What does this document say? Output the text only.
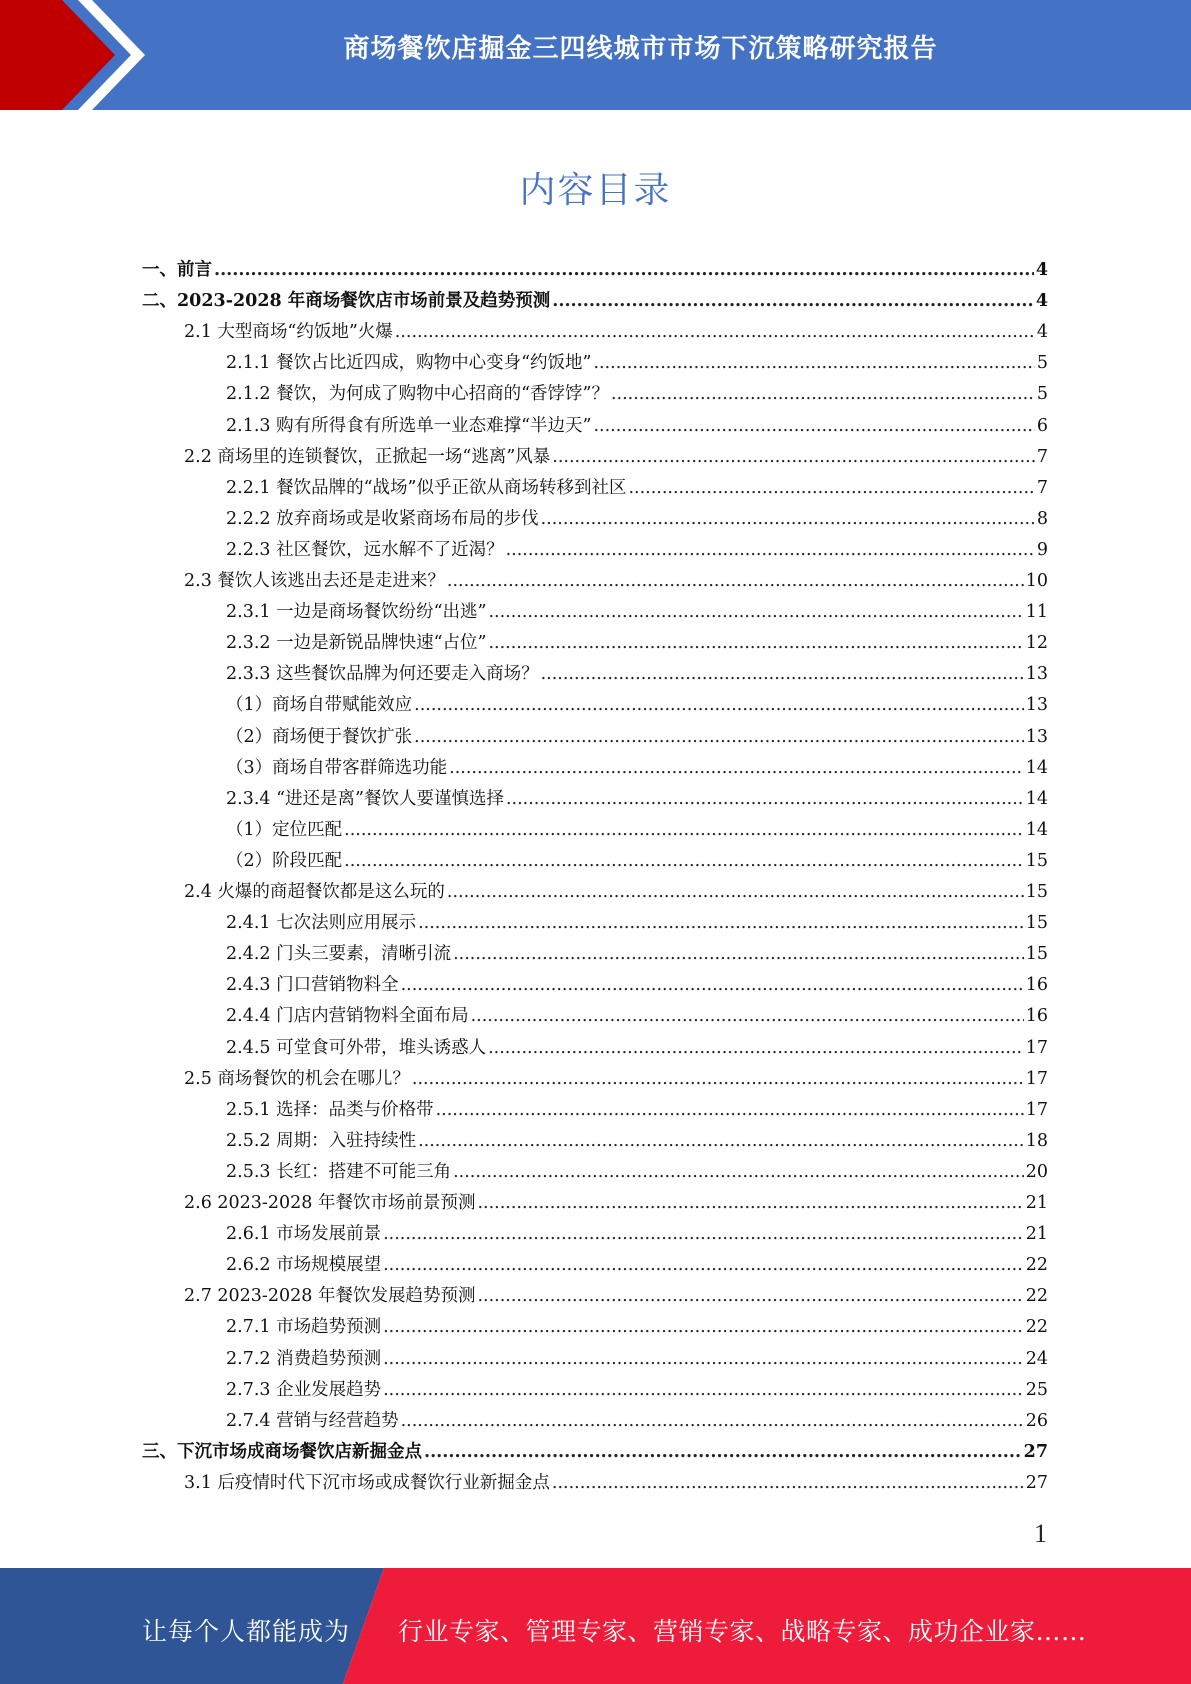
商场餐饮店掘金三四线城市市场下沉策略研究报告
内容目录
一、前言 .....	4
二、2023-2028 年商场餐饮店市场前景及趋势预测 .....	4
2.1 大型商场“约饭地”火爆 .....	4
2.1.1 餐饮占比近四成，购物中心变身“约饭地” .....	5
2.1.2 餐饮，为何成了购物中心招商的“香饽饽”？ .....	5
2.1.3 购有所得食有所选单一业态难撑“半边天” .....	6
2.2 商场里的连锁餐饮，正掀起一场“逃离”风暴 .....	7
2.2.1 餐饮品牌的“战场”似乎正欲从商场转移到社区 .....	7
2.2.2 放弃商场或是收紧商场布局的步伐 .....	8
2.2.3 社区餐饮，远水解不了近渴？ .....	9
2.3 餐饮人该逃出去还是走进来？ .....	10
2.3.1 一边是商场餐饮纷纷“出逃” .....	11
2.3.2 一边是新锐品牌快速“占位” .....	12
2.3.3 这些餐饮品牌为何还要走入商场？ .....	13
（1）商场自带赋能效应 .....	13
（2）商场便于餐饮扩张 .....	13
（3）商场自带客群筛选功能 .....	14
2.3.4 “进还是离”餐饮人要谨慎选择 .....	14
（1）定位匹配 .....	14
（2）阶段匹配 .....	15
2.4 火爆的商超餐饮都是这么玩的 .....	15
2.4.1 七次法则应用展示 .....	15
2.4.2 门头三要素，清晰引流 .....	15
2.4.3 门口营销物料全 .....	16
2.4.4 门店内营销物料全面布局 .....	16
2.4.5 可堂食可外带，堆头诱惑人 .....	17
2.5 商场餐饮的机会在哪儿？ .....	17
2.5.1 选择：品类与价格带 .....	17
2.5.2 周期：入驻持续性 .....	18
2.5.3 长红：搭建不可能三角 .....	20
2.6 2023-2028 年餐饮市场前景预测 .....	21
2.6.1 市场发展前景 .....	21
2.6.2 市场规模展望 .....	22
2.7 2023-2028 年餐饮发展趋势预测 .....	22
2.7.1 市场趋势预测 .....	22
2.7.2 消费趋势预测 .....	24
2.7.3 企业发展趋势 .....	25
2.7.4 营销与经营趋势 .....	26
三、下沉市场成商场餐饮店新掘金点 .....	27
3.1 后疫情时代下沉市场或成餐饮行业新掘金点 .....	27
1
让每个人都能成为 行业专家、管理专家、营销专家、战略专家、成功企业家……
